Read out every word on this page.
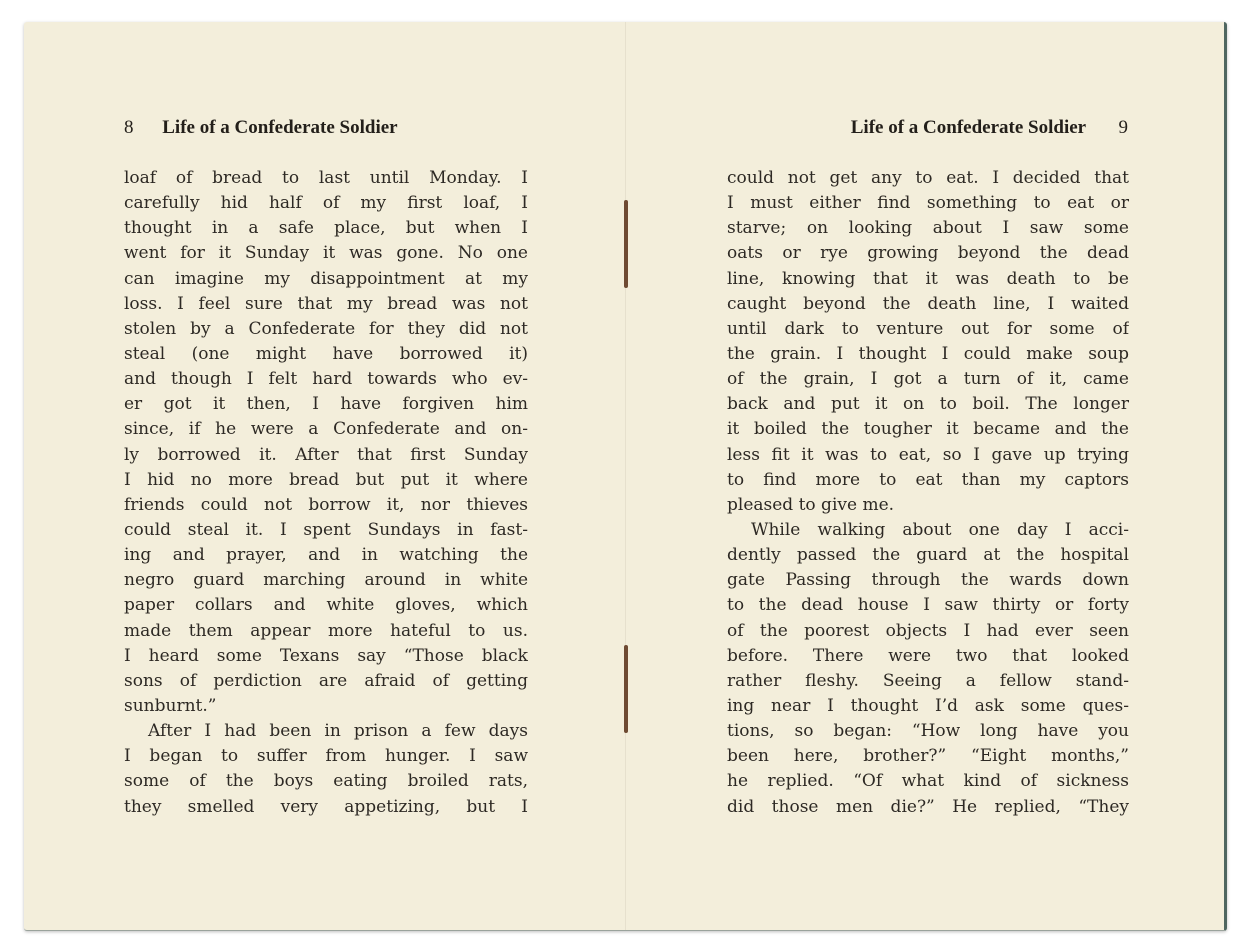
8 Life of a Confederate Soldier	Life of a Confederate Soldier 9
loaf of bread to last until Monday. I
carefully hid half of my first loaf, I
thought in a safe place, but when I
went for it Sunday it was gone. No one
can imagine my disappointment at my
loss. I feel sure that my bread was not
stolen by a Confederate for they did not
steal (one might have borrowed it)
and though I felt hard towards who ev-
er got it then, I have forgiven him
since, if he were a Confederate and on-
ly borrowed it. After that first Sunday
I hid no more bread but put it where
friends could not borrow it, nor thieves
could steal it. I spent Sundays in fast-
ing and prayer, and in watching the
negro guard marching around in white
paper collars and white gloves, which
made them appear more hateful to us.
I heard some Texans say “Those black
sons of perdiction are afraid of getting
sunburnt.”
After I had been in prison a few days
I began to suffer from hunger. I saw
some of the boys eating broiled rats,
they smelled very appetizing, but I
could not get any to eat. I decided that
I must either find something to eat or
starve; on looking about I saw some
oats or rye growing beyond the dead
line, knowing that it was death to be
caught beyond the death line, I waited
until dark to venture out for some of
the grain. I thought I could make soup
of the grain, I got a turn of it, came
back and put it on to boil. The longer
it boiled the tougher it became and the
less fit it was to eat, so I gave up trying
to find more to eat than my captors
pleased to give me.
While walking about one day I acci-
dently passed the guard at the hospital
gate Passing through the wards down
to the dead house I saw thirty or forty
of the poorest objects I had ever seen
before. There were two that looked
rather fleshy. Seeing a fellow stand-
ing near I thought I’d ask some ques-
tions, so began: “How long have you
been here, brother?” “Eight months,”
he replied. “Of what kind of sickness
did those men die?” He replied, “They
